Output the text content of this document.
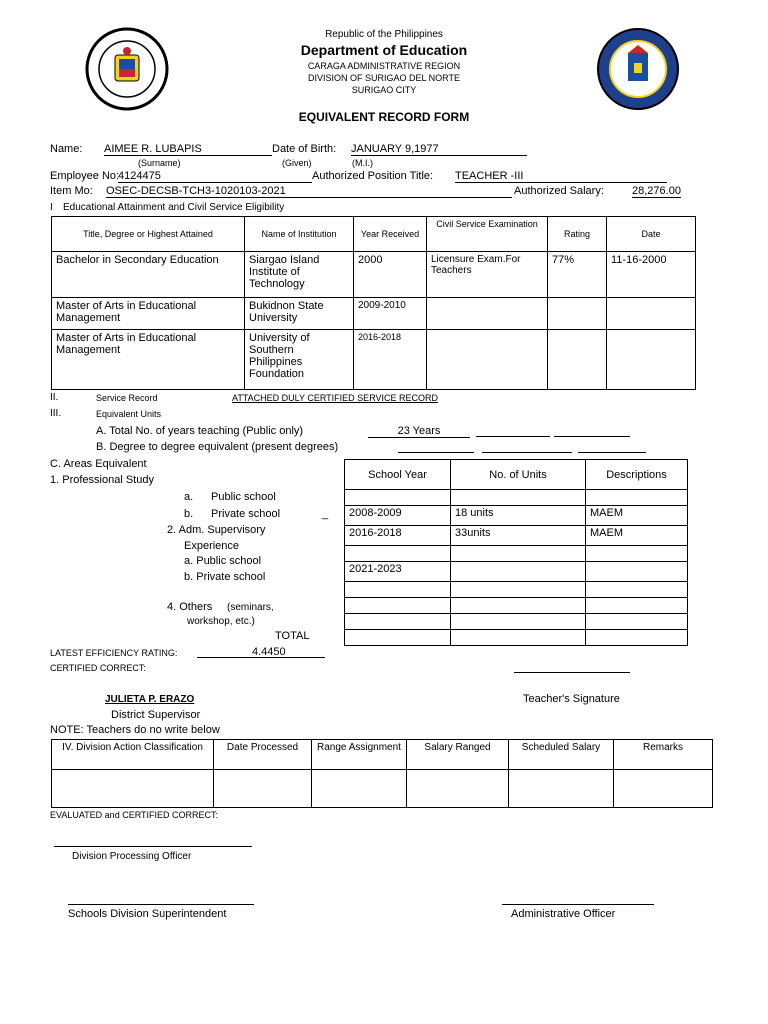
Republic of the Philippines
Department of Education
CARAGA ADMINISTRATIVE REGION
DIVISION OF SURIGAO DEL NORTE
SURIGAO CITY
EQUIVALENT RECORD FORM
Name: AIMEE R. LUBAPIS	Date of Birth: JANUARY 9,1977
(Surname)	(Given)	(M.I.)
Employee No:
4124475	Authorized Position Title: TEACHER -III
Item Mo: OSEC-DECSB-TCH3-1020103-2021	Authorized Salary:	28,276.00
I Educational Attainment and Civil Service Eligibility
Title, Degree or Highest Attained	Name of Institution	Year Received	Civil Service Examination	Rating	Date
Bachelor in Secondary Education	Siargao Island Institute of Technology	2000	Licensure Exam.For Teachers	77%	11-16-2000
Master of Arts in Educational Management	Bukidnon State University	2009-2010			
Master of Arts in Educational Management	University of Southern Philippines Foundation	2016-2018			
II.	Service Record	ATTACHED DULY CERTIFIED SERVICE RECORD
III.	Equivalent Units
A. Total No. of years teaching (Public only)	23 Years
B. Degree to degree equivalent (present degrees)
C. Areas Equivalent
1. Professional Study
a. Public school
b. Private school	_
2. Adm. Supervisory
Experience
a. Public school
b. Private school
4. Others (seminars,
workshop, etc.)
TOTAL
School Year	No. of Units	Descriptions

2008-2009	18 units	MAEM
2016-2018	33units	MAEM

2021-2023		

LATEST EFFICIENCY RATING:	4.4450
CERTIFIED CORRECT:
JULIETA P. ERAZO	Teacher's Signature
District Supervisor
NOTE: Teachers do no write below
IV. Division Action Classification	Date Processed	Range Assignment	Salary Ranged	Scheduled Salary	Remarks

EVALUATED and CERTIFIED CORRECT:
Division Processing Officer
Schools Division Superintendent	Administrative Officer
